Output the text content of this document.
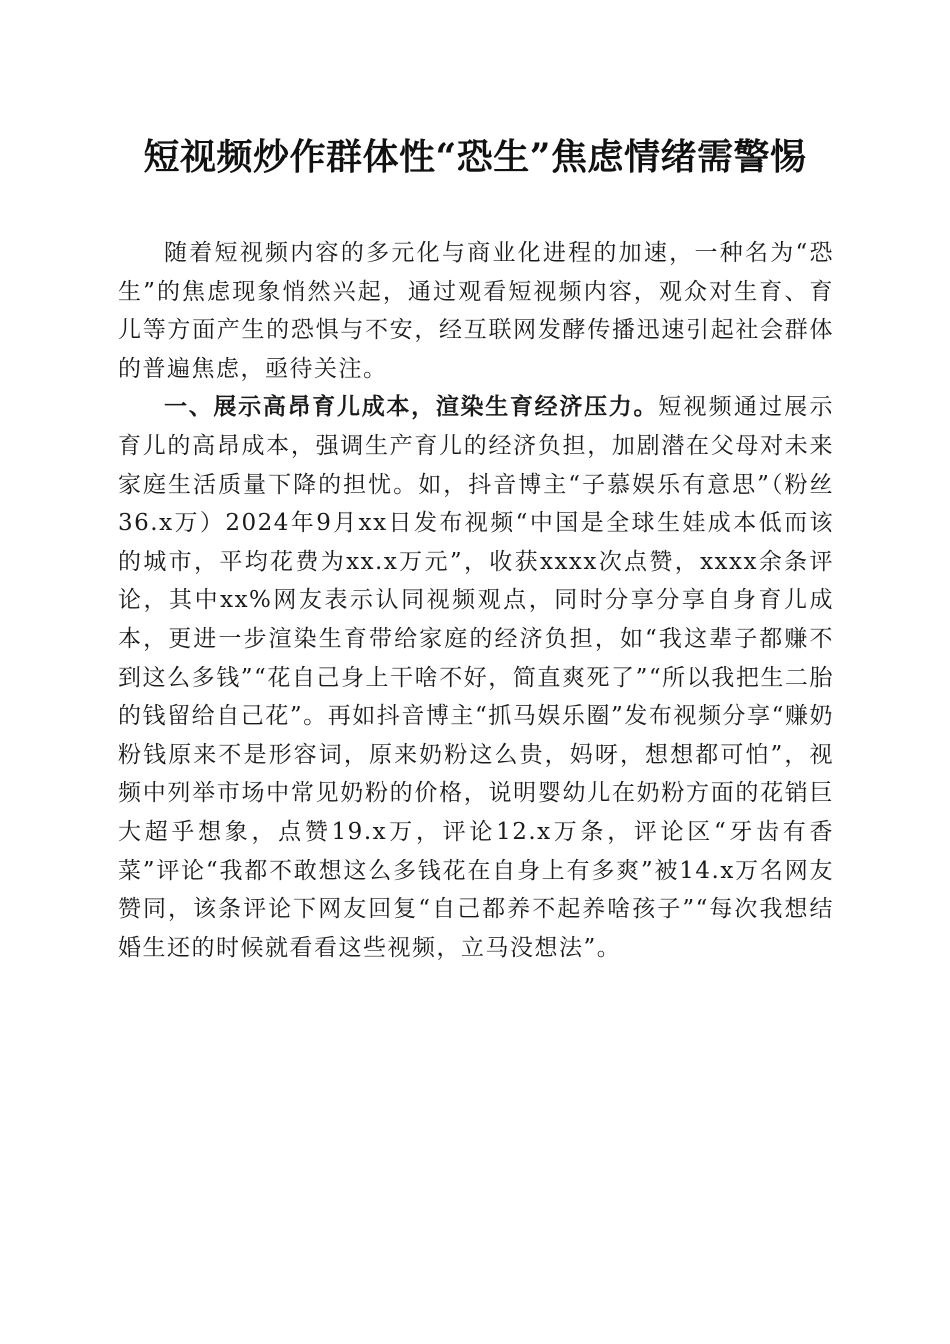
短视频炒作群体性“恐生”焦虑情绪需警惕

随着短视频内容的多元化与商业化进程的加速，一种名为“恐生”的焦虑现象悄然兴起，通过观看短视频内容，观众对生育、育儿等方面产生的恐惧与不安，经互联网发酵传播迅速引起社会群体的普遍焦虑，亟待关注。

一、展示高昂育儿成本，渲染生育经济压力。短视频通过展示育儿的高昂成本，强调生产育儿的经济负担，加剧潜在父母对未来家庭生活质量下降的担忧。如，抖音博主“子慕娱乐有意思”（粉丝36.x万）2024年9月xx日发布视频“中国是全球生娃成本低而该的城市，平均花费为xx.x万元”，收获xxxx次点赞，xxxx余条评论，其中xx%网友表示认同视频观点，同时分享分享自身育儿成本，更进一步渲染生育带给家庭的经济负担，如“我这辈子都赚不到这么多钱”“花自己身上干啥不好，简直爽死了”“所以我把生二胎的钱留给自己花”。再如抖音博主“抓马娱乐圈”发布视频分享“赚奶粉钱原来不是形容词，原来奶粉这么贵，妈呀，想想都可怕”，视频中列举市场中常见奶粉的价格，说明婴幼儿在奶粉方面的花销巨大超乎想象，点赞19.x万，评论12.x万条，评论区“牙齿有香菜”评论“我都不敢想这么多钱花在自身上有多爽”被14.x万名网友赞同，该条评论下网友回复“自己都养不起养啥孩子”“每次我想结婚生还的时候就看看这些视频，立马没想法”。
